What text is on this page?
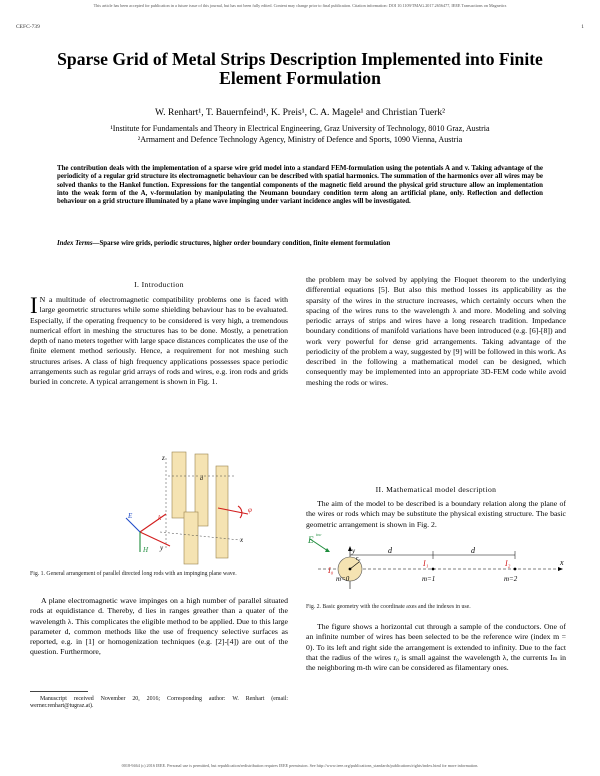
This article has been accepted for publication in a future issue of this journal, but has not been fully edited. Content may change prior to final publication. Citation information: DOI 10.1109/TMAG.2017.2656477, IEEE Transactions on Magnetics
CEFC-739	1
Sparse Grid of Metal Strips Description Implemented into Finite Element Formulation
W. Renhart¹, T. Bauernfeind¹, K. Preis¹, C. A. Magele¹ and Christian Tuerk²
¹Institute for Fundamentals and Theory in Electrical Engineering, Graz University of Technology, 8010 Graz, Austria
²Armament and Defence Technology Agency, Ministry of Defence and Sports, 1090 Vienna, Austria

The contribution deals with the implementation of a sparse wire grid model into a standard FEM-formulation using the potentials A and v. Taking advantage of the periodicity of a regular grid structure its electromagnetic behaviour can be described with spatial harmonics. The summation of the harmonics over all wires may be solved thanks to the Hankel function. Expressions for the tangential components of the magnetic field around the physical grid structure allow an implementation into the weak form of the A, v-formulation by manipulating the Neumann boundary condition term along an artificial plane, only. Reflection and deflection behaviour on a grid structure illuminated by a plane wave impinging under variant incidence angles will be investigated.

Index Terms—Sparse wire grids, periodic structures, higher order boundary condition, finite element formulation
I. Introduction

I N a multitude of electromagnetic compatibility problems one is faced with large geometric structures while some shielding behaviour has to be evaluated. Especially, if the operating frequency to be considered is very high, a tremendous numerical effort in meshing the structures has to be done. Mostly, a penetration depth of nano meters together with large space distances complicates the use of the finite element method seriously. Hence, a requirement for not meshing such structures arises. A class of high frequency applications possesses space periodic arrangements such as regular grid arrays of rods and wires, e.g. iron rods and grids buried in concrete. A typical arrangement is shown in Fig. 1.

E
H
k
z
x
y
φ
d
Fig. 1. General arrangement of parallel directed long rods with an impinging plane wave.

A plane electromagnetic wave impinges on a high number of parallel situated rods at equidistance d. Thereby, d lies in ranges greather than a quater of the wavelength λ. This complicates the eligible method to be applied. Due to this large parameter d, common methods like the use of frequency selective surfaces as reported, e.g. in [1] or homogenization techniques (e.g. [2]-[4]) are out of the question. Furthermore,

Manuscript received November 20, 2016; Corresponding author: W. Renhart (email: werner.renhart@tugraz.at).

the problem may be solved by applying the Floquet theorem to the underlying differential equations [5]. But also this method losses its applicability as the sparsity of the wires in the structure increases, which certainly occurs when the spacing of the wires runs to the wavelength λ and more. Modeling and solving periodic arrays of strips and wires have a long research tradition. Impedance boundary conditions of manifold variations have been introduced (e.g. [6]-[8]) and work very powerful for dense grid arrangements. Taking advantage of the periodicity of the problem a way, suggested by [9] will be followed in this work. As described in the following a mathematical model can be designed, which consequently may be implemented into an appropriate 3D-FEM code while avoid meshing the rods or wires.

II. Mathematical model description

The aim of the model to be described is a boundary relation along the plane of the wires or rods which may be substitute the physical existing structure. The basic geometric arrangement is shown in Fig. 2.

E
inc
y
x
r₀
d	d
I₀
I₁	I₂
m=0	m=1	m=2
Fig. 2. Basic geometry with the coordinate axes and the indexes in use.

The figure shows a horizontal cut through a sample of the conductors. One of an infinite number of wires has been selected to be the reference wire (index m = 0). To its left and right side the arrangement is extended to infinity. Due to the fact that the radius of the wires r₀ is small against the wavelength λ, the currents Iₘ in the neighboring m-th wire can be considered as filamentary ones.

0018-9464 (c) 2016 IEEE. Personal use is permitted, but republication/redistribution requires IEEE permission. See http://www.ieee.org/publications_standards/publications/rights/index.html for more information.
